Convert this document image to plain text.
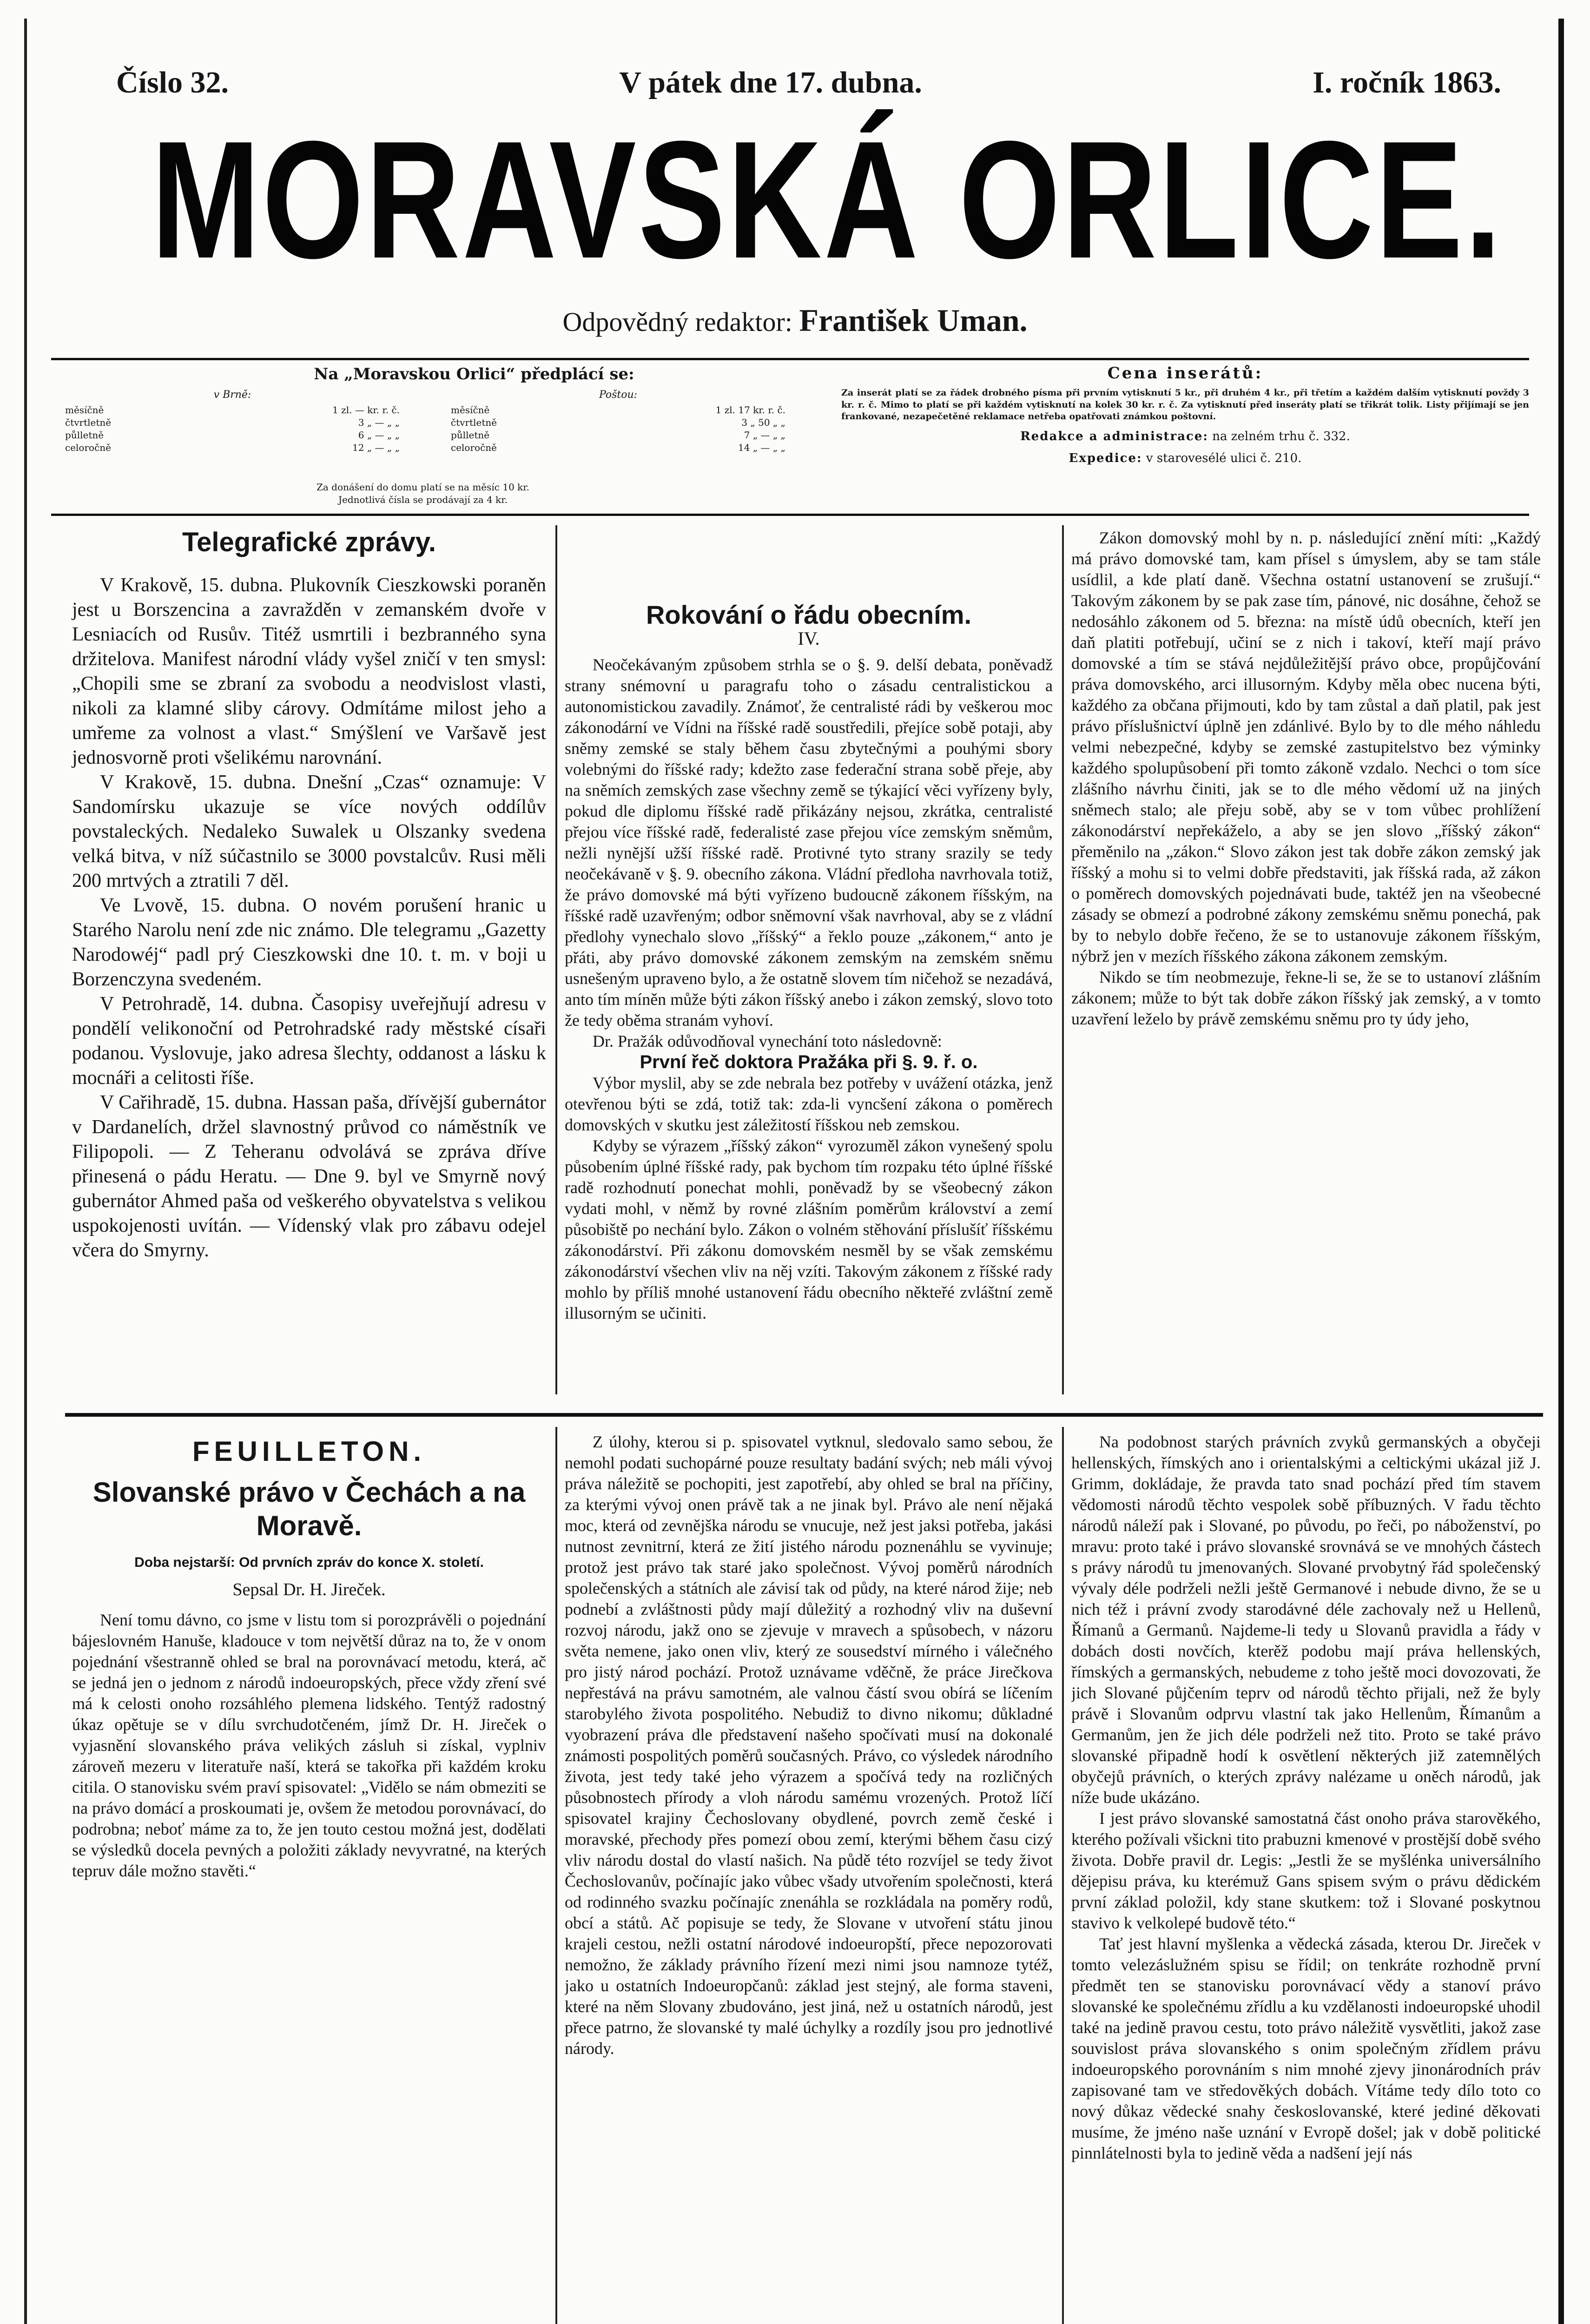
Číslo 32.	V pátek dne 17. dubna.	I. ročník 1863.
MORAVSKÁ ORLICE.
Odpovědný redaktor: František Uman.
Na „Moravskou Orlici“ předplácí se:
v Brně:
měsíčně	1 zl. — kr. r. č.
čtvrtletně	3 „ — „ „
půlletně	6 „ — „ „
celoročně	12 „ — „ „
Poštou:
měsíčně	1 zl. 17 kr. r. č.
čtvrtletně	3 „ 50 „ „
půlletně	7 „ — „ „
celoročně	14 „ — „ „
Za donášení do domu platí se na měsíc 10 kr.
Jednotlivá čísla se prodávají za 4 kr.
Cena inserátů:
Za inserát platí se za řádek drobného písma při prvním vytisknutí 5 kr., při druhém 4 kr., při třetím a každém dalším vytisknutí povždy 3 kr. r. č. Mimo to platí se při každém vytisknutí na kolek 30 kr. r. č. Za vytisknutí před inseráty platí se třikrát tolik. Listy přijímají se jen frankované, nezapečetěné reklamace netřeba opatřovati známkou poštovní.
Redakce a administrace: na zelném trhu č. 332.
Expedice: v starovesélé ulici č. 210.

Telegrafické zprávy.

V Krakově, 15. dubna. Plukovník Cieszkowski poraněn jest u Borszencina a zavražděn v zemanském dvoře v Lesniacích od Rusův. Titéž usmrtili i bezbranného syna držitelova. Manifest národní vlády vyšel zničí v ten smysl: „Chopili sme se zbraní za svobodu a neodvislost vlasti, nikoli za klamné sliby cárovy. Odmítáme milost jeho a umřeme za volnost a vlast.“ Smýšlení ve Varšavě jest jednosvorně proti všelikému narovnání.

V Krakově, 15. dubna. Dnešní „Czas“ oznamuje: V Sandomírsku ukazuje se více nových oddílův povstaleckých. Nedaleko Suwalek u Olszanky svedena velká bitva, v níž súčastnilo se 3000 povstalcův. Rusi měli 200 mrtvých a ztratili 7 děl.

Ve Lvově, 15. dubna. O novém porušení hranic u Starého Narolu není zde nic známo. Dle telegramu „Gazetty Narodowéj“ padl prý Cieszkowski dne 10. t. m. v boji u Borzenczyna svedeném.

V Petrohradě, 14. dubna. Časopisy uveřejňují adresu v pondělí velikonoční od Petrohradské rady městské císaři podanou. Vyslovuje, jako adresa šlechty, oddanost a lásku k mocnáři a celitosti říše.

V Cařihradě, 15. dubna. Hassan paša, dřívější gubernátor v Dardanelích, držel slavnostný průvod co náměstník ve Filipopoli. — Z Teheranu odvolává se zpráva dříve přinesená o pádu Heratu. — Dne 9. byl ve Smyrně nový gubernátor Ahmed paša od veškerého obyvatelstva s velikou uspokojenosti uvítán. — Vídenský vlak pro zábavu odejel včera do Smyrny.

Rokování o řádu obecním.

IV.

Neočekávaným způsobem strhla se o §. 9. delší debata, poněvadž strany snémovní u paragrafu toho o zásadu centralistickou a autonomistickou zavadily. Známoť, že centralisté rádi by veškerou moc zákonodární ve Vídni na říšské radě soustředili, přejíce sobě potaji, aby sněmy zemské se staly během času zbytečnými a pouhými sbory volebnými do říšské rady; kdežto zase federační strana sobě přeje, aby na sněmích zemských zase všechny země se týkající věci vyřízeny byly, pokud dle diplomu říšské radě přikázány nejsou, zkrátka, centralisté přejou více říšské radě, federalisté zase přejou více zemským sněmům, nežli nynější užší říšské radě. Protivné tyto strany srazily se tedy neočekávaně v §. 9. obecního zákona. Vládní předloha navrhovala totiž, že právo domovské má býti vyřízeno budoucně zákonem říšským, na říšské radě uzavřeným; odbor sněmovní však navrhoval, aby se z vládní předlohy vynechalo slovo „říšský“ a řeklo pouze „zákonem,“ anto je přáti, aby právo domovské zákonem zemským na zemském sněmu usnešeným upraveno bylo, a že ostatně slovem tím ničehož se nezadává, anto tím míněn může býti zákon říšský anebo i zákon zemský, slovo toto že tedy oběma stranám vyhoví.

Dr. Pražák odůvodňoval vynechání toto následovně:

První řeč doktora Pražáka při §. 9. ř. o.

Výbor myslil, aby se zde nebrala bez potřeby v uvážení otázka, jenž otevřenou býti se zdá, totiž tak: zda-li vyncšení zákona o poměrech domovských v skutku jest záležitostí říšskou neb zemskou.

Kdyby se výrazem „říšský zákon“ vyrozuměl zákon vynešený spolu působením úplné říšské rady, pak bychom tím rozpaku této úplné říšské radě rozhodnutí ponechat mohli, poněvadž by se všeobecný zákon vydati mohl, v němž by rovné zlášním poměrům království a zemí působiště po nechání bylo. Zákon o volném stěhování příslušíť říšskému zákonodárství. Při zákonu domovském nesměl by se však zemskému zákonodárství všechen vliv na něj vzíti. Takovým zákonem z říšské rady mohlo by příliš mnohé ustanovení řádu obecního někteřé zvláštní země illusorným se učiniti.

Zákon domovský mohl by n. p. následující znění míti: „Každý má právo domovské tam, kam přísel s úmyslem, aby se tam stále usídlil, a kde platí daně. Všechna ostatní ustanovení se zrušují.“ Takovým zákonem by se pak zase tím, pánové, nic dosáhne, čehož se nedosáhlo zákonem od 5. března: na místě údů obecních, kteří jen daň platiti potřebují, učiní se z nich i takoví, kteří mají právo domovské a tím se stává nejdůležitější právo obce, propůjčování práva domovského, arci illusorným. Kdyby měla obec nucena býti, každého za občana přijmouti, kdo by tam zůstal a daň platil, pak jest právo příslušnictví úplně jen zdánlivé. Bylo by to dle mého náhledu velmi nebezpečné, kdyby se zemské zastupitelstvo bez výminky každého spolupůsobení při tomto zákoně vzdalo. Nechci o tom síce zlášního návrhu činiti, jak se to dle mého vědomí už na jiných sněmech stalo; ale přeju sobě, aby se v tom vůbec prohlížení zákonodárství nepřekáželo, a aby se jen slovo „říšský zákon“ přeměnilo na „zákon.“ Slovo zákon jest tak dobře zákon zemský jak říšský a mohu si to velmi dobře představiti, jak říšská rada, až zákon o poměrech domovských pojednávati bude, taktéž jen na všeobecné zásady se obmezí a podrobné zákony zemskému sněmu ponechá, pak by to nebylo dobře řečeno, že se to ustanovuje zákonem říšským, nýbrž jen v mezích říšského zákona zákonem zemským.

Nikdo se tím neobmezuje, řekne-li se, že se to ustanoví zlášním zákonem; může to být tak dobře zákon říšský jak zemský, a v tomto uzavření leželo by právě zemskému sněmu pro ty údy jeho,

FEUILLETON.

Slovanské právo v Čechách a na Moravě.

Doba nejstarší: Od prvních zpráv do konce X. století.

Sepsal Dr. H. Jireček.

Není tomu dávno, co jsme v listu tom si porozprávěli o pojednání bájeslovném Hanuše, kladouce v tom největší důraz na to, že v onom pojednání všestranně ohled se bral na porovnávací metodu, která, ač se jedná jen o jednom z národů indoeuropských, přece vždy zření své má k celosti onoho rozsáhlého plemena lidského. Tentýž radostný úkaz opětuje se v dílu svrchudotčeném, jímž Dr. H. Jireček o vyjasnění slovanského práva velikých zásluh si získal, vyplniv zároveň mezeru v literatuře naší, která se takořka při každém kroku citila. O stanovisku svém praví spisovatel: „Vidělo se nám obmeziti se na právo domácí a proskoumati je, ovšem že metodou porovnávací, do podrobna; neboť máme za to, že jen touto cestou možná jest, dodělati se výsledků docela pevných a položiti základy nevyvratné, na kterých tepruv dále možno stavěti.“

Z úlohy, kterou si p. spisovatel vytknul, sledovalo samo sebou, že nemohl podati suchopárné pouze resultaty badání svých; neb máli vývoj práva náležitě se pochopiti, jest zapotřebí, aby ohled se bral na příčiny, za kterými vývoj onen právě tak a ne jinak byl. Právo ale není nějaká moc, která od zevnějška národu se vnucuje, než jest jaksi potřeba, jakási nutnost zevnitrní, která ze žití jistého národu poznenáhlu se vyvinuje; protož jest právo tak staré jako společnost. Vývoj poměrů národních společenských a státních ale závisí tak od půdy, na které národ žije; neb podnebí a zvláštnosti půdy mají důležitý a rozhodný vliv na duševní rozvoj národu, jakž ono se zjevuje v mravech a spůsobech, v názoru světa nemene, jako onen vliv, který ze sousedství mírného i válečného pro jistý národ pochází. Protož uznávame vděčně, že práce Jirečkova nepřestává na právu samotném, ale valnou částí svou obírá se líčením starobylého života pospolitého. Nebudiž to divno nikomu; důkladné vyobrazení práva dle představení našeho spočívati musí na dokonalé známosti pospolitých poměrů současných. Právo, co výsledek národního života, jest tedy také jeho výrazem a spočívá tedy na rozličných působnostech přírody a vloh národu samému vrozených. Protož líčí spisovatel krajiny Čechoslovany obydlené, povrch země české i moravské, přechody přes pomezí obou zemí, kterými během času cizý vliv národu dostal do vlastí našich. Na půdě této rozvíjel se tedy život Čechoslovanův, počínajíc jako vůbec všady utvořením společnosti, která od rodinného svazku počínajíc znenáhla se rozkládala na poměry rodů, obcí a států. Ač popisuje se tedy, že Slovane v utvoření státu jinou krajeli cestou, nežli ostatní národové indoeuropští, přece nepozorovati nemožno, že základy právního řízení mezi nimi jsou namnoze tytéž, jako u ostatních Indoeuropčanů: základ jest stejný, ale forma staveni, které na něm Slovany zbudováno, jest jiná, než u ostatních národů, jest přece patrno, že slovanské ty malé úchylky a rozdíly jsou pro jednotlivé národy.

Na podobnost starých právních zvyků germanských a obyčeji hellenských, římských ano i orientalskými a celtickými ukázal již J. Grimm, dokládaje, že pravda tato snad pochází před tím stavem vědomosti národů těchto vespolek sobě příbuzných. V řadu těchto národů náleží pak i Slované, po původu, po řeči, po náboženství, po mravu: proto také i právo slovanské srovnává se ve mnohých částech s právy národů tu jmenovaných. Slované prvobytný řád společenský vývaly déle podrželi nežli ještě Germanové i nebude divno, že se u nich též i právní zvody starodávné déle zachovaly než u Hellenů, Římanů a Germanů. Najdeme-li tedy u Slovanů pravidla a řády v dobách dosti novčích, kterěž podobu mají práva hellenských, římských a germanských, nebudeme z toho ještě moci dovozovati, že jich Slované půjčením teprv od národů těchto přijali, než že byly právě i Slovanům odprvu vlastní tak jako Hellenům, Římanům a Germanům, jen že jich déle podrželi než tito. Proto se také právo slovanské připadně hodí k osvětlení některých již zatemnělých obyčejů právních, o kterých zprávy nalézame u oněch národů, jak níže bude ukázáno.

I jest právo slovanské samostatná část onoho práva starověkého, kterého požívali všickni tito prabuzni kmenové v prostější době svého života. Dobře pravil dr. Legis: „Jestli že se myšlénka universálního dějepisu práva, ku kterémuž Gans spisem svým o právu dědickém první základ položil, kdy stane skutkem: tož i Slované poskytnou stavivo k velkolepé budově této.“

Tať jest hlavní myšlenka a vědecká zásada, kterou Dr. Jireček v tomto velezáslužném spisu se řídil; on tenkráte rozhodně první předmět ten se stanovisku porovnávací vědy a stanoví právo slovanské ke společnému zřídlu a ku vzdělanosti indoeuropské uhodil také na jedině pravou cestu, toto právo náležitě vysvětliti, jakož zase souvislost práva slovanského s onim společným zřídlem právu indoeuropského porovnáním s nim mnohé zjevy jinonárodních práv zapisované tam ve středověkých dobách. Vítáme tedy dílo toto co nový důkaz vědecké snahy českoslovanské, které jediné děkovati musíme, že jméno naše uznání v Evropě došel; jak v době politické pinnlátelnosti byla to jedině věda a nadšení její nás
